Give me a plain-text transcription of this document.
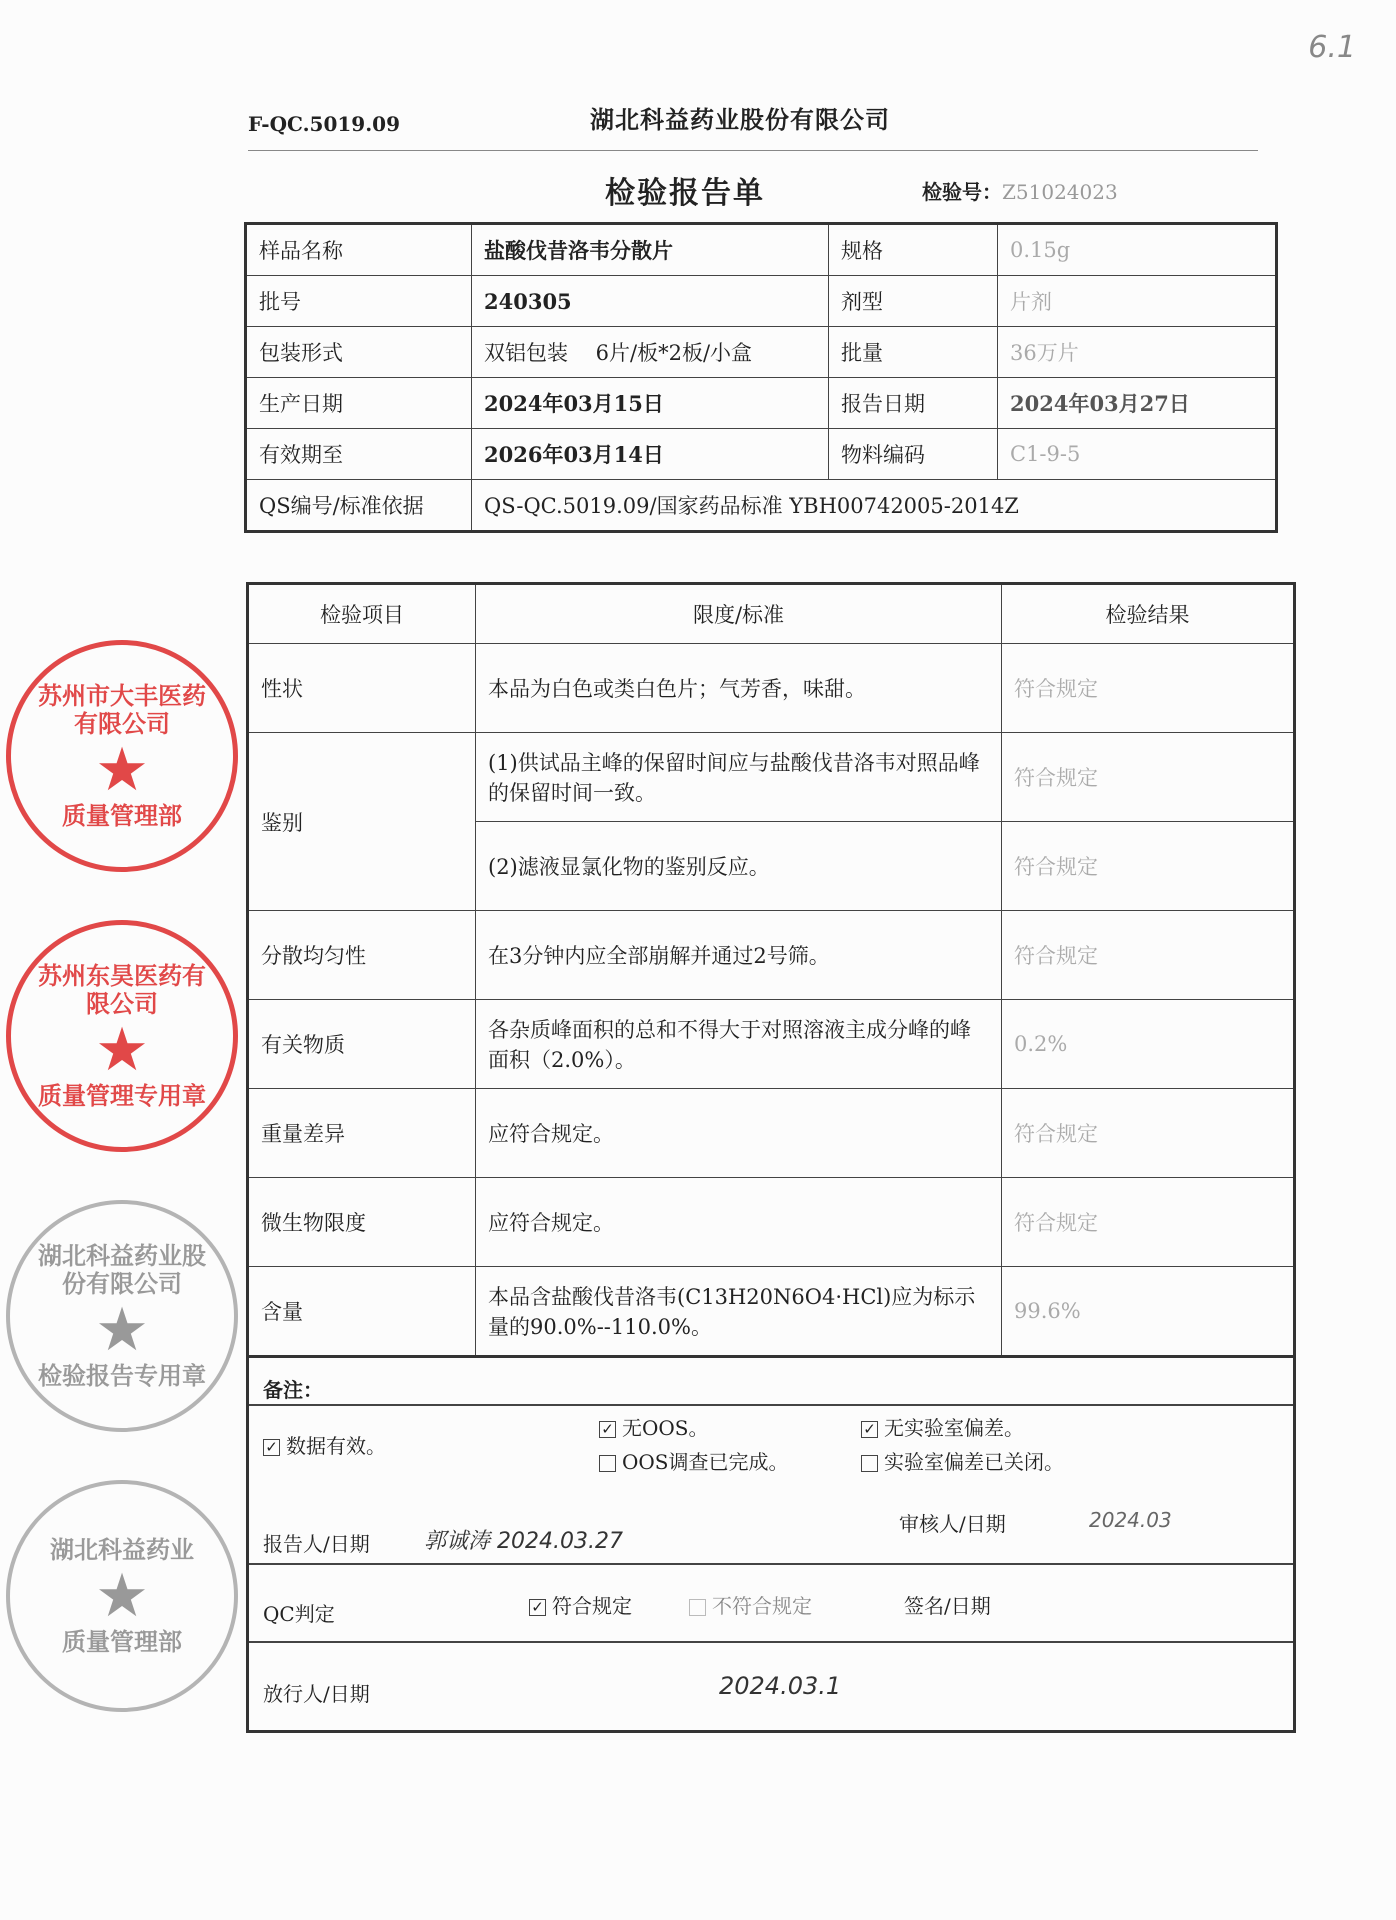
6.1
F-QC.5019.09	湖北科益药业股份有限公司
检验报告单	检验号：Z51024023
样品名称	盐酸伐昔洛韦分散片	规格	0.15g
批号	240305	剂型	片剂
包装形式	双铝包装　 6片/板*2板/小盒	批量	36万片
生产日期	2024年03月15日	报告日期	2024年03月27日
有效期至	2026年03月14日	物料编码	C1-9-5
QS编号/标准依据	QS-QC.5019.09/国家药品标准 YBH00742005-2014Z		
检验项目	限度/标准	检验结果
性状	本品为白色或类白色片；气芳香，味甜。	符合规定
鉴别	(1)供试品主峰的保留时间应与盐酸伐昔洛韦对照品峰的保留时间一致。	符合规定
	(2)滤液显氯化物的鉴别反应。	符合规定
分散均匀性	在3分钟内应全部崩解并通过2号筛。	符合规定
有关物质	各杂质峰面积的总和不得大于对照溶液主成分峰的峰面积（2.0%）。	0.2%
重量差异	应符合规定。	符合规定
微生物限度	应符合规定。	符合规定
含量	本品含盐酸伐昔洛韦(C13H20N6O4·HCl)应为标示量的90.0%--110.0%。	99.6%
备注：
✓ 数据有效。
✓ 无OOS。
OOS调查已完成。
✓ 无实验室偏差。
实验室偏差已关闭。
报告人/日期 郭诚涛 2024.03.27
审核人/日期	2024.03
QC判定	✓ 符合规定	不符合规定	签名/日期
放行人/日期	2024.03.1
苏州市大丰医药有限公司
★
质量管理部
苏州东昊医药有限公司
★
质量管理专用章
湖北科益药业股份有限公司
★
检验报告专用章
湖北科益药业
★
质量管理部
